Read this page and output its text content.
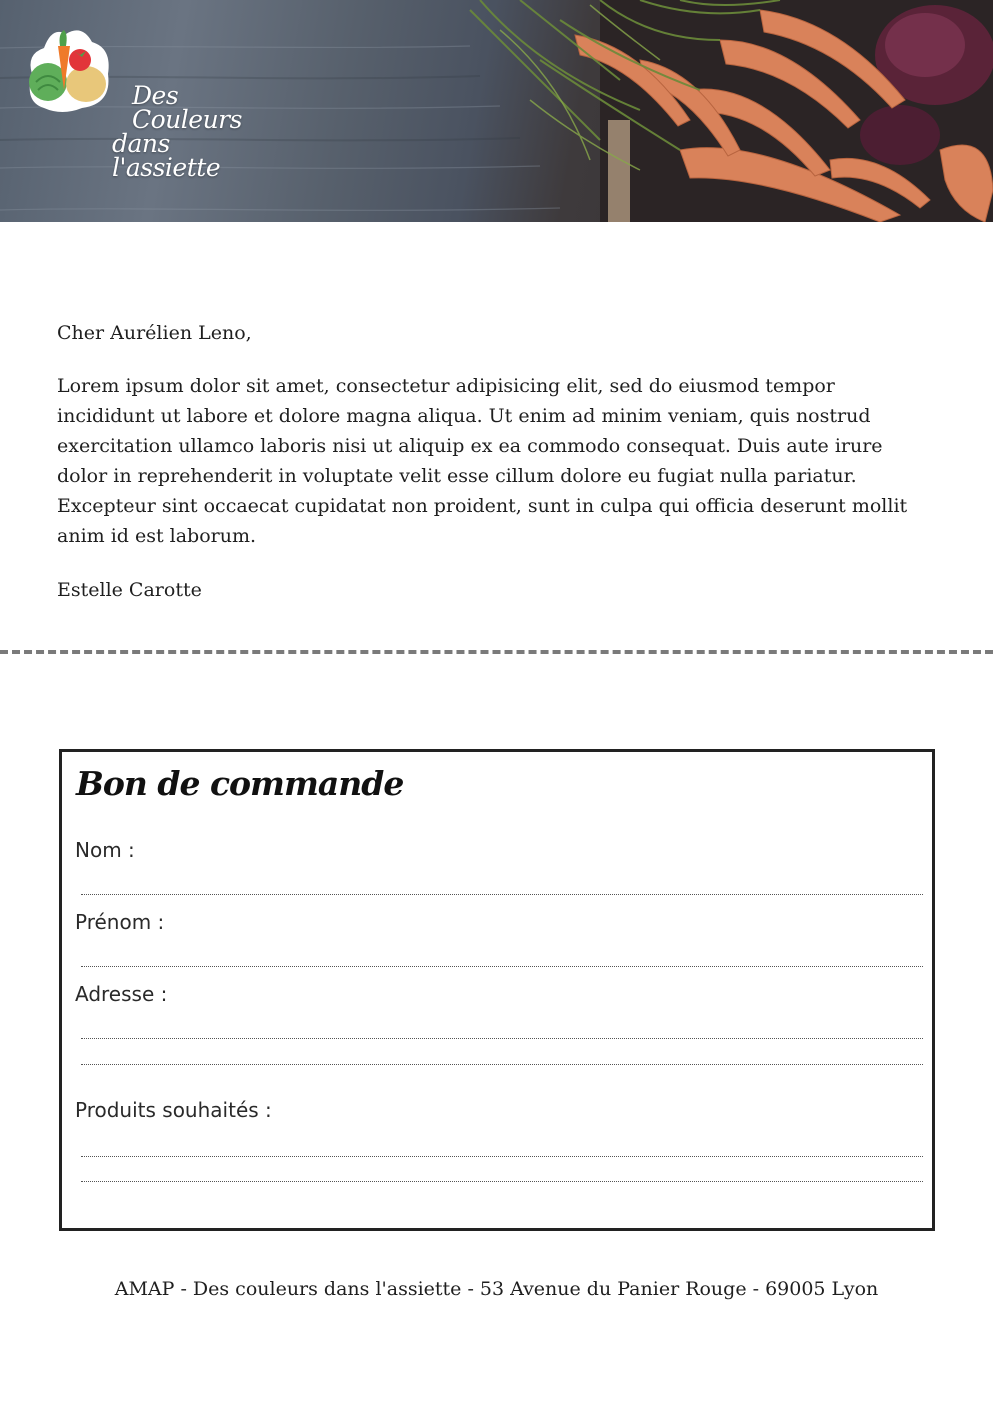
Des Couleurs
dans l'assiette

Cher Aurélien Leno,

Lorem ipsum dolor sit amet, consectetur adipisicing elit, sed do eiusmod tempor incididunt ut labore et dolore magna aliqua. Ut enim ad minim veniam, quis nostrud exercitation ullamco laboris nisi ut aliquip ex ea commodo consequat. Duis aute irure dolor in reprehenderit in voluptate velit esse cillum dolore eu fugiat nulla pariatur. Excepteur sint occaecat cupidatat non proident, sunt in culpa qui officia deserunt mollit anim id est laborum.

Estelle Carotte

Bon de commande
Nom :
Prénom :
Adresse :
Produits souhaités :
AMAP - Des couleurs dans l'assiette - 53 Avenue du Panier Rouge - 69005 Lyon
